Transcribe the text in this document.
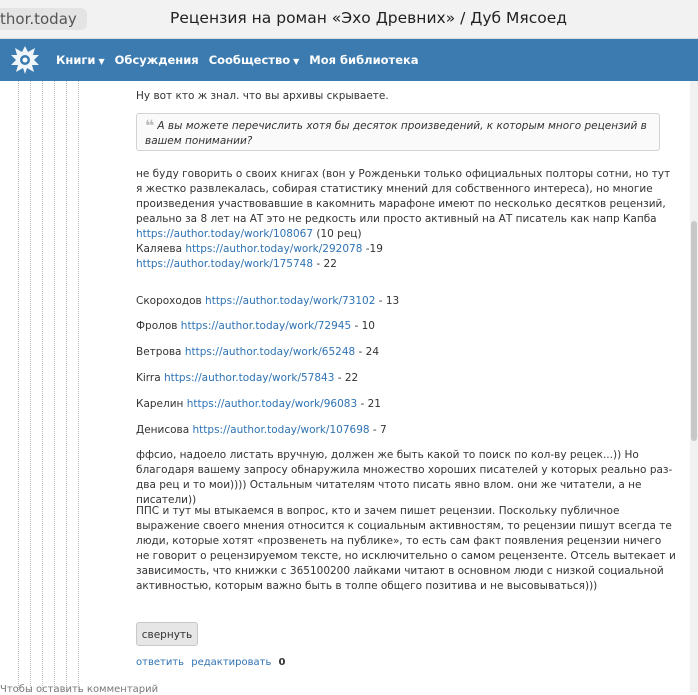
thor.today	Рецензия на роман «Эхо Древних» / Дуб Мясоед
Книги ▼ Обсуждения Сообщество ▼ Моя библиотека
Ну вот кто ж знал. что вы архивы скрываете.
❝ А вы можете перечислить хотя бы десяток произведений, к которым много рецензий в вашем понимании?
не буду говорить о своих книгах (вон у Рожденьки только официальных полторы сотни, но тут я жестко развлекалась, собирая статистику мнений для собственного интереса), но многие произведения участвовавшие в какомнить марафоне имеют по несколько десятков рецензий, реально за 8 лет на АТ это не редкость или просто активный на АТ писатель как напр Капба
https://author.today/work/108067 (10 рец)
Каляева https://author.today/work/292078 -19
https://author.today/work/175748 - 22
Скороходов https://author.today/work/73102 - 13
Фролов https://author.today/work/72945 - 10
Ветрова https://author.today/work/65248 - 24
Kirra https://author.today/work/57843 - 22
Карелин https://author.today/work/96083 - 21
Денисова https://author.today/work/107698 - 7
ффсио, надоело листать вручную, должен же быть какой то поиск по кол-ву рецек...)) Но благодаря вашему запросу обнаружила множество хороших писателей у которых реально раз-два рец и то мои)))) Остальным читателям чтото писать явно влом. они же читатели, а не писатели))
ППС и тут мы втыкаемся в вопрос, кто и зачем пишет рецензии. Поскольку публичное выражение своего мнения относится к социальным активностям, то рецензии пишут всегда те люди, которые хотят «прозвенеть на публике», то есть сам факт появления рецензии ничего не говорит о рецензируемом тексте, но исключительно о самом рецензенте. Отсель вытекает и зависимость, что книжки с 365100200 лайками читают в основном люди с низкой социальной активностью, которым важно быть в толпе общего позитива и не высовываться)))
свернуть
ответить редактировать 0
Чтобы оставить комментарий
